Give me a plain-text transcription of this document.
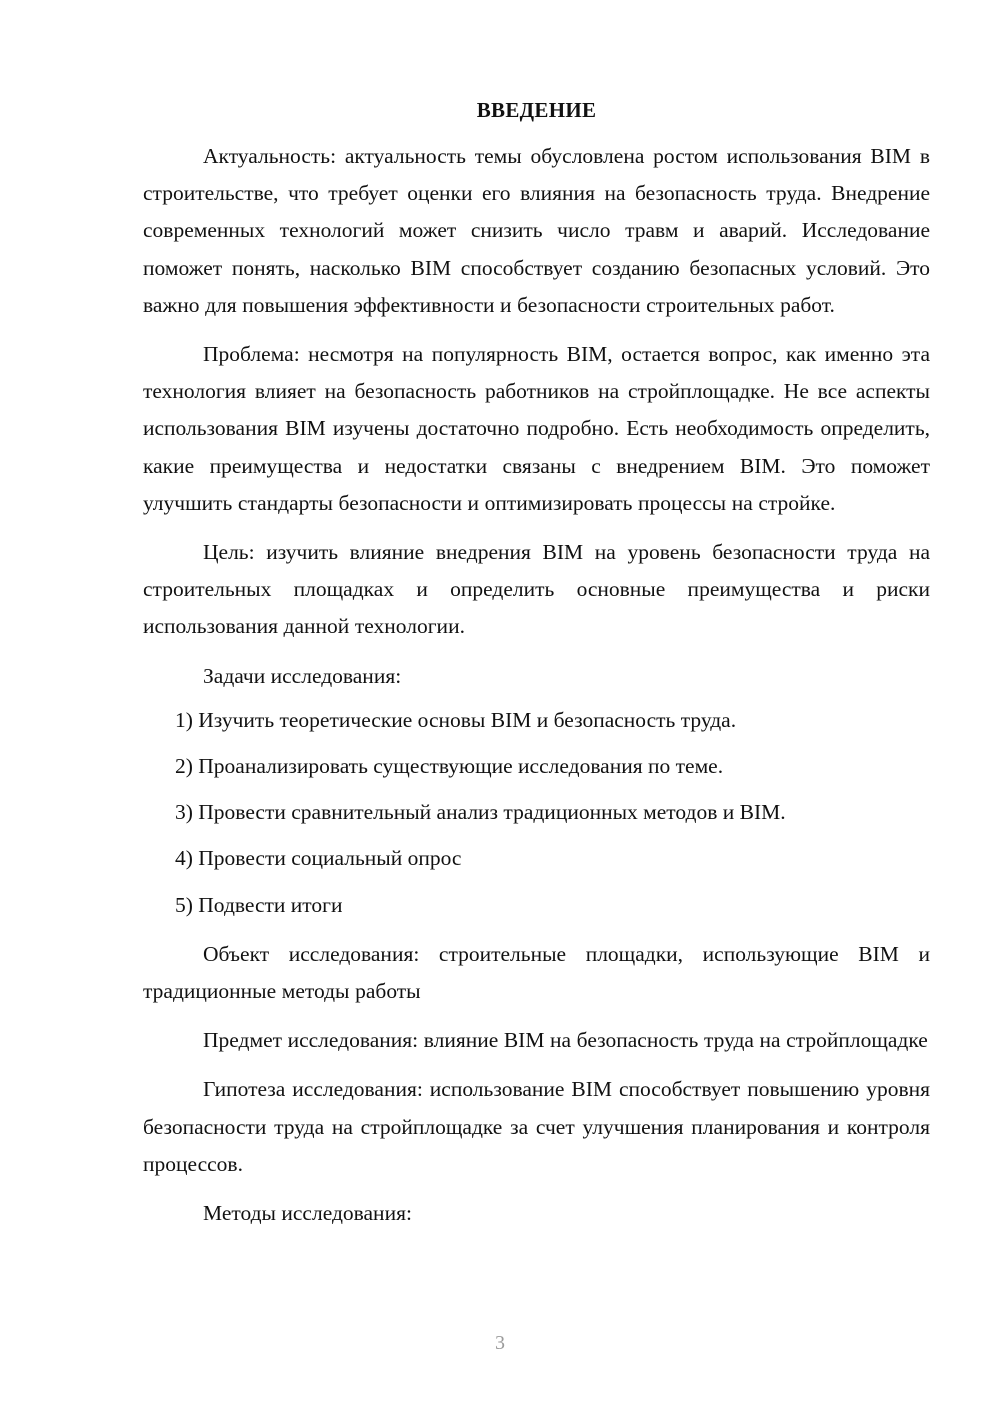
ВВЕДЕНИЕ

Актуальность: актуальность темы обусловлена ростом использования BIM в строительстве, что требует оценки его влияния на безопасность труда. Внедрение современных технологий может снизить число травм и аварий. Исследование поможет понять, насколько BIM способствует созданию безопасных условий. Это важно для повышения эффективности и безопасности строительных работ.

Проблема: несмотря на популярность BIM, остается вопрос, как именно эта технология влияет на безопасность работников на стройплощадке. Не все аспекты использования BIM изучены достаточно подробно. Есть необходимость определить, какие преимущества и недостатки связаны с внедрением BIM. Это поможет улучшить стандарты безопасности и оптимизировать процессы на стройке.

Цель: изучить влияние внедрения BIM на уровень безопасности труда на строительных площадках и определить основные преимущества и риски использования данной технологии.

Задачи исследования:

1) Изучить теоретические основы BIM и безопасность труда.
2) Проанализировать существующие исследования по теме.
3) Провести сравнительный анализ традиционных методов и BIM.
4) Провести социальный опрос
5) Подвести итоги

Объект исследования: строительные площадки, использующие BIM и традиционные методы работы

Предмет исследования: влияние BIM на безопасность труда на стройплощадке

Гипотеза исследования: использование BIM способствует повышению уровня безопасности труда на стройплощадке за счет улучшения планирования и контроля процессов.

Методы исследования:

3
